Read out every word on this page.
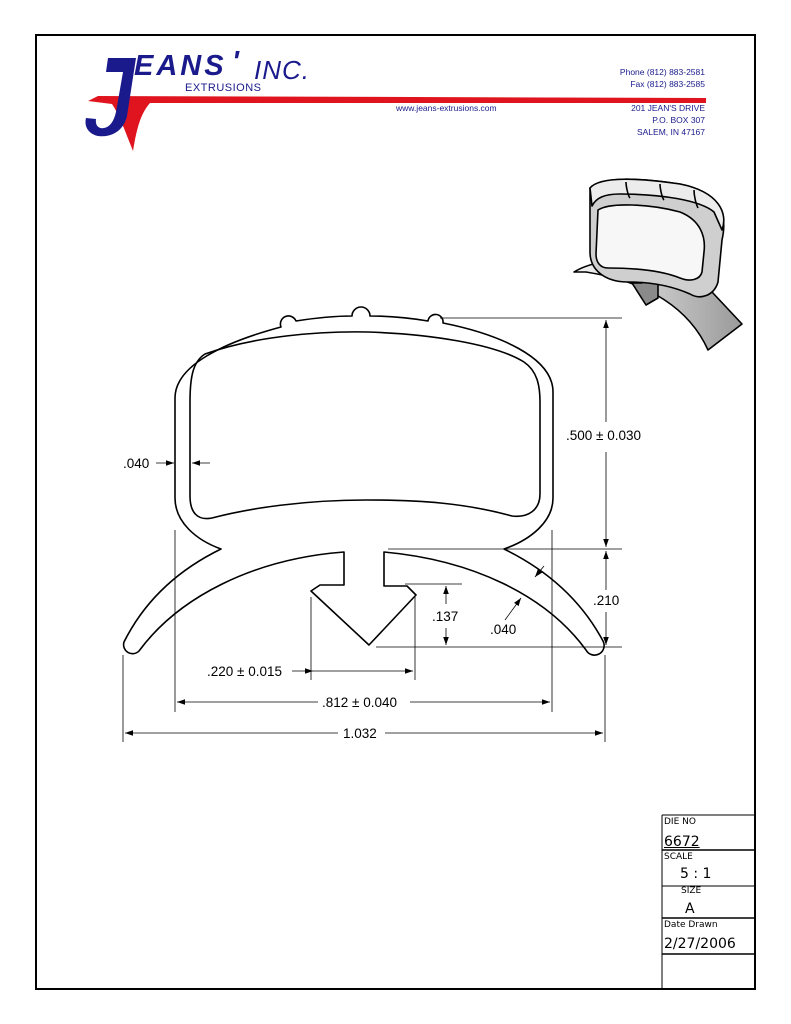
EANS ' INC.
EXTRUSIONS
www.jeans-extrusions.com
Phone (812) 883-2581
Fax (812) 883-2585
201 JEAN'S DRIVE
P.O. BOX 307
SALEM, IN 47167
.500 ± 0.030
.040
.210
.040
.137
.220 ± 0.015
.812 ± 0.040
1.032
DIE NO
6672
SCALE
5 : 1
SIZE
A
Date Drawn
2/27/2006
